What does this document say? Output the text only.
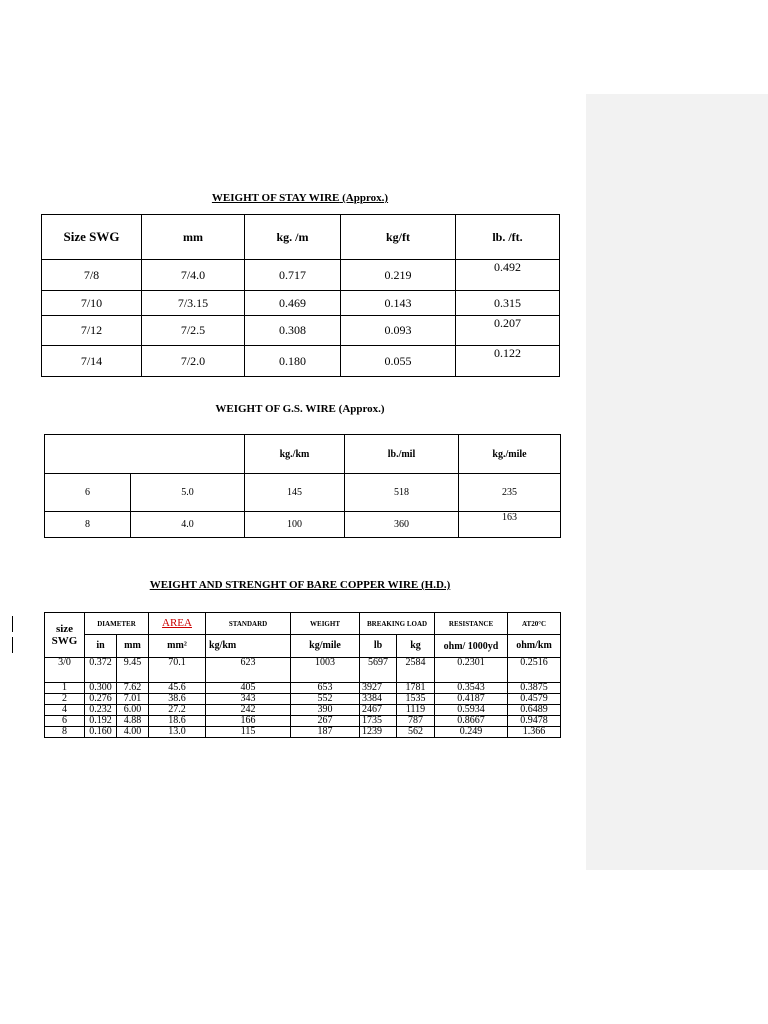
WEIGHT OF STAY WIRE (Approx.)
Size SWG	mm	kg. /m	kg/ft	lb. /ft.
7/8	7/4.0	0.717	0.219	0.492

7/10	7/3.15	0.469	0.143	0.315
7/12	7/2.5	0.308	0.093	0.207

7/14	7/2.0	0.180	0.055	0.122
WEIGHT OF G.S. WIRE (Approx.)
		kg./km	lb./mil	kg./mile
6	5.0	145	518	235
8	4.0	100	360	163
WEIGHT AND STRENGHT OF BARE COPPER WIRE (H.D.)
size SWG	DIAMETER		AREA	STANDARD	WEIGHT	BREAKING LOAD		RESISTANCE	AT20°C
	in	mm	mm²	kg/km	kg/mile	lb	kg	ohm/ 1000yd	ohm/km
3/0	0.372	9.45	70.1	623	1003	5697	2584	0.2301	0.2516

1	0.300	7.62	45.6	405	653	3927	1781	0.3543	0.3875
2	0.276	7.01	38.6	343	552	3384	1535	0.4187	0.4579
4	0.232	6.00	27.2	242	390	2467	1119	0.5934	0.6489
6	0.192	4.88	18.6	166	267	1735	787	0.8667	0.9478
8	0.160	4.00	13.0	115	187	1239	562	0.249	1.366
